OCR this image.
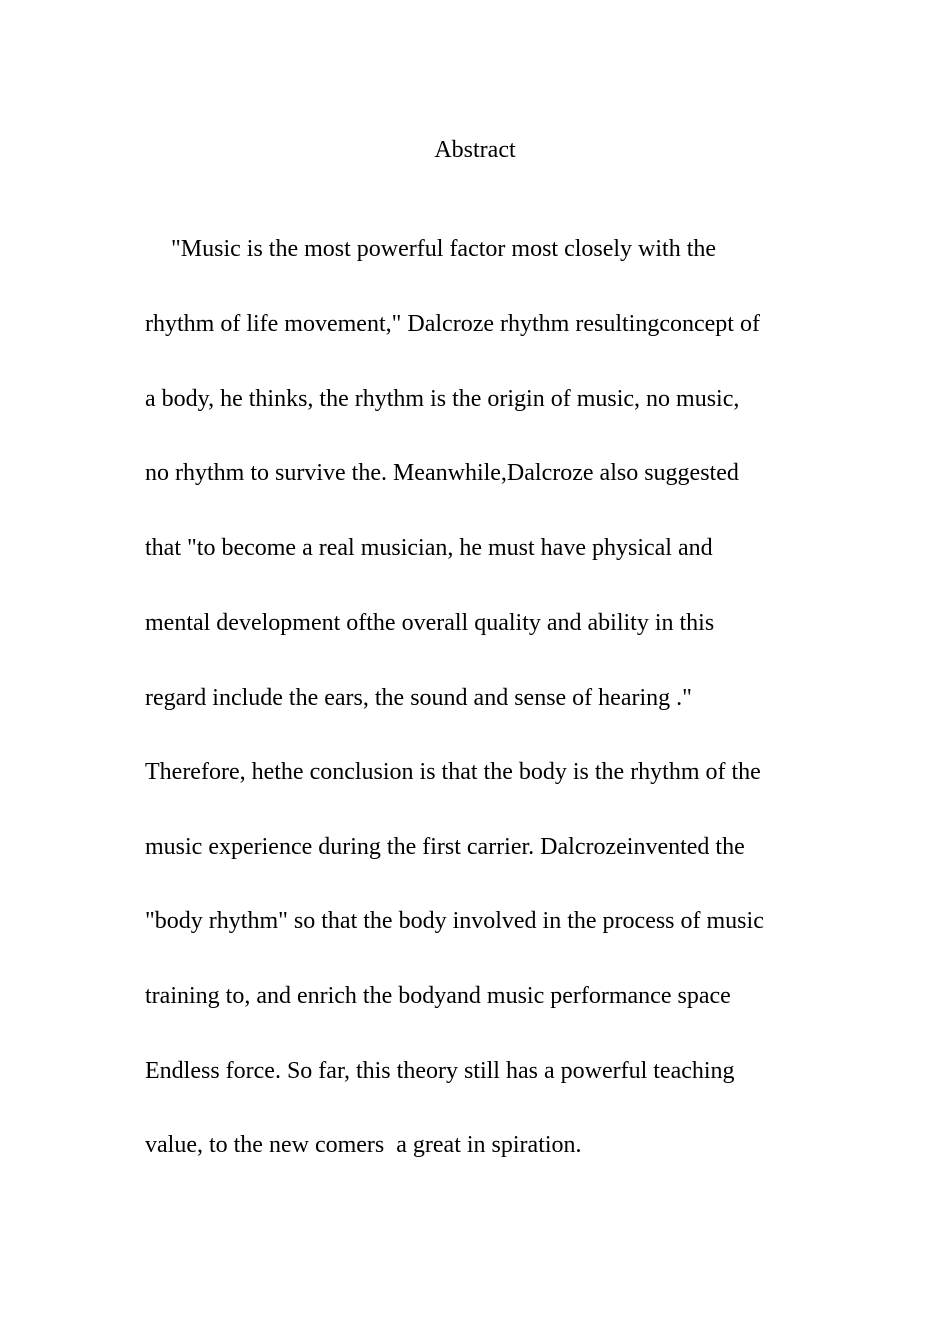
Abstract
"Music is the most powerful factor most closely with the
rhythm of life movement," Dalcroze rhythm resultingconcept of
a body, he thinks, the rhythm is the origin of music, no music,
no rhythm to survive the. Meanwhile,Dalcroze also suggested
that "to become a real musician, he must have physical and
mental development ofthe overall quality and ability in this
regard include the ears, the sound and sense of hearing ."
Therefore, hethe conclusion is that the body is the rhythm of the
music experience during the first carrier. Dalcrozeinvented the
"body rhythm" so that the body involved in the process of music
training to, and enrich the bodyand music performance space
Endless force. So far, this theory still has a powerful teaching
value, to the new comers  a great in spiration.
